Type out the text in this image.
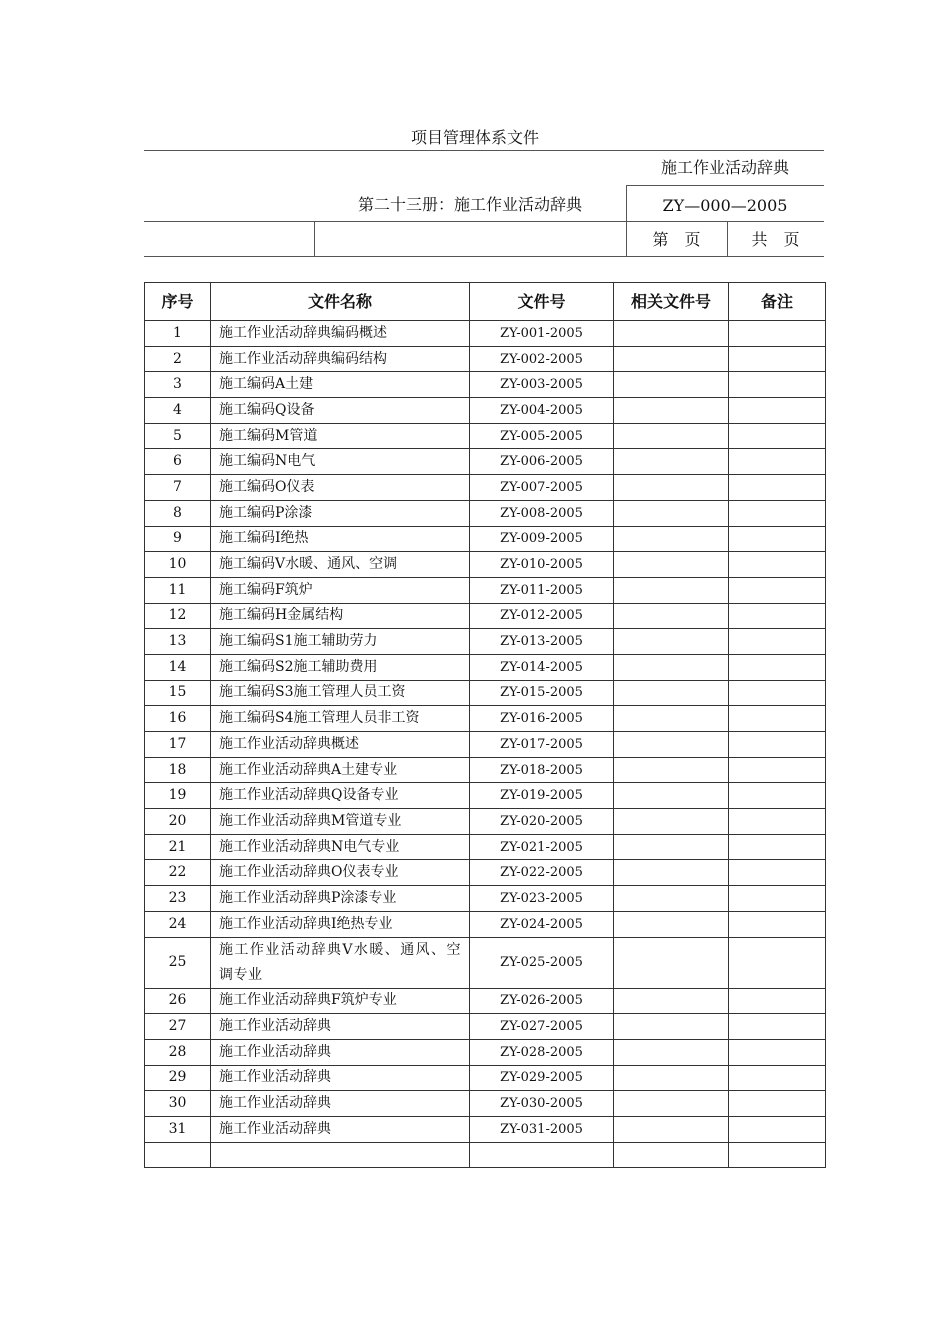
项目管理体系文件
施工作业活动辞典
第二十三册：施工作业活动辞典	ZY—000—2005
第　页	共　页
序号	文件名称	文件号	相关文件号	备注
1	施工作业活动辞典编码概述	ZY-001-2005		
2	施工作业活动辞典编码结构	ZY-002-2005		
3	施工编码A土建	ZY-003-2005		
4	施工编码Q设备	ZY-004-2005		
5	施工编码M管道	ZY-005-2005		
6	施工编码N电气	ZY-006-2005		
7	施工编码O仪表	ZY-007-2005		
8	施工编码P涂漆	ZY-008-2005		
9	施工编码I绝热	ZY-009-2005		
10	施工编码V水暖、通风、空调	ZY-010-2005		
11	施工编码F筑炉	ZY-011-2005		
12	施工编码H金属结构	ZY-012-2005		
13	施工编码S1施工辅助劳力	ZY-013-2005		
14	施工编码S2施工辅助费用	ZY-014-2005		
15	施工编码S3施工管理人员工资	ZY-015-2005		
16	施工编码S4施工管理人员非工资	ZY-016-2005		
17	施工作业活动辞典概述	ZY-017-2005		
18	施工作业活动辞典A土建专业	ZY-018-2005		
19	施工作业活动辞典Q设备专业	ZY-019-2005		
20	施工作业活动辞典M管道专业	ZY-020-2005		
21	施工作业活动辞典N电气专业	ZY-021-2005		
22	施工作业活动辞典O仪表专业	ZY-022-2005		
23	施工作业活动辞典P涂漆专业	ZY-023-2005		
24	施工作业活动辞典I绝热专业	ZY-024-2005		
25	施工作业活动辞典V水暖、通风、空调专业	ZY-025-2005		
26	施工作业活动辞典F筑炉专业	ZY-026-2005		
27	施工作业活动辞典	ZY-027-2005		
28	施工作业活动辞典	ZY-028-2005		
29	施工作业活动辞典	ZY-029-2005		
30	施工作业活动辞典	ZY-030-2005		
31	施工作业活动辞典	ZY-031-2005		
